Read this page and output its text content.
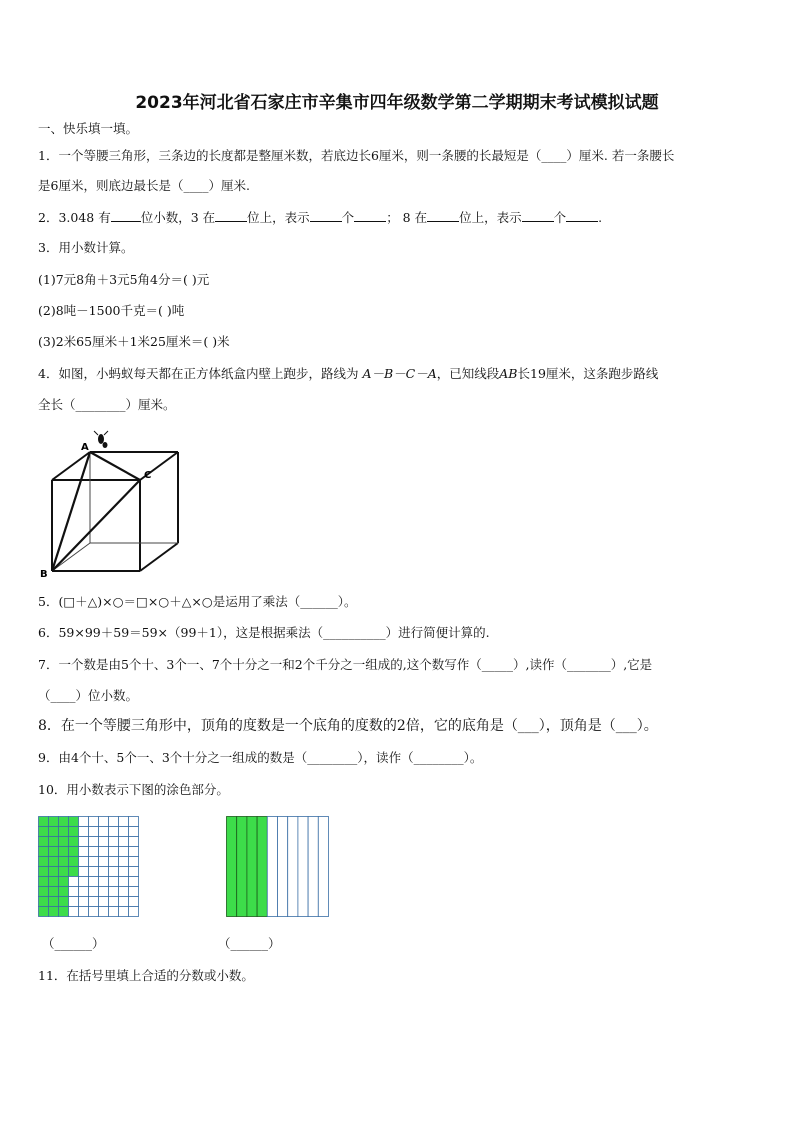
2023年河北省石家庄市辛集市四年级数学第二学期期末考试模拟试题
一、快乐填一填。
1．一个等腰三角形，三条边的长度都是整厘米数，若底边长6厘米，则一条腰的长最短是（____）厘米. 若一条腰长
是6厘米，则底边最长是（____）厘米.
2．3.048 有 位小数，3 在	位上，表示	个	； 8 在	位上，表示	个	.
3．用小数计算。
(1)7元8角＋3元5角4分＝( )元
(2)8吨－1500千克＝( )吨
(3)2米65厘米＋1米25厘米＝( )米
4．如图，小蚂蚁每天都在正方体纸盒内壁上跑步，路线为 A－B－C－A，已知线段AB长19厘米，这条跑步路线
全长（________）厘米。
A
B
C
5．(□＋△)×○＝□×○＋△×○是运用了乘法（______）。
6．59×99＋59＝59×（99＋1），这是根据乘法（__________）进行简便计算的.
7．一个数是由5个十、3个一、7个十分之一和2个千分之一组成的,这个数写作（_____）,读作（_______）,它是
（____）位小数。
8．在一个等腰三角形中，顶角的度数是一个底角的度数的2倍，它的底角是（___），顶角是（___）。
9．由4个十、5个一、3个十分之一组成的数是（________），读作（________）。
10．用小数表示下图的涂色部分。
（______）	（______）
11．在括号里填上合适的分数或小数。
